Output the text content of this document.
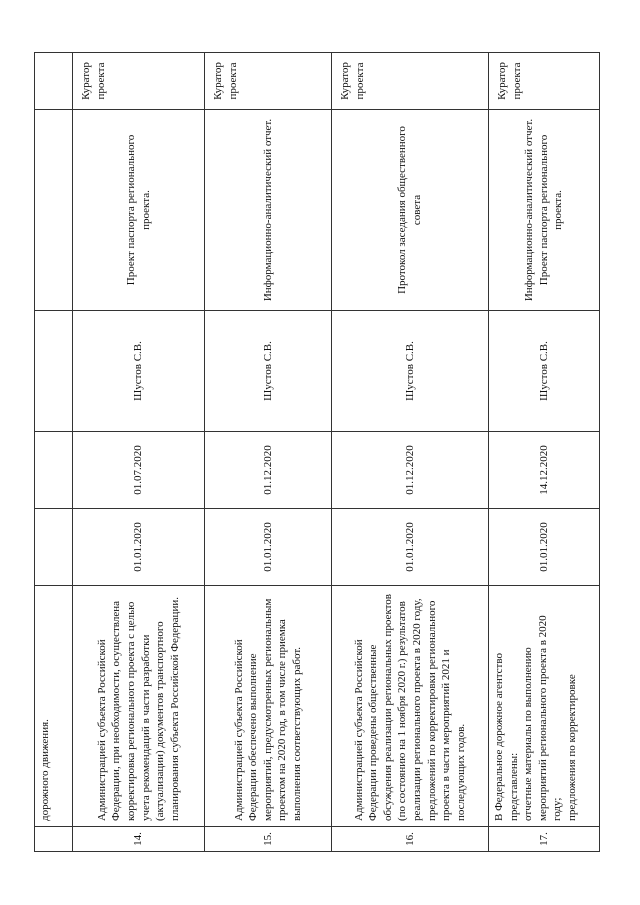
	дорожного движения.					
14.	Администрацией субъекта Российской Федерации, при необходимости, осуществлена корректировка регионального проекта с целью учета рекомендаций в части разработки (актуализации) документов транспортного планирования субъекта Российской Федерации.	01.01.2020	01.07.2020	Шустов С.В.	Проект паспорта регионального проекта.	Куратор проекта
15.	Администрацией субъекта Российской Федерации обеспечено выполнение мероприятий, предусмотренных региональным проектом на 2020 год, в том числе приемка выполнения соответствующих работ.	01.01.2020	01.12.2020	Шустов С.В.	Информационно-аналитический отчет.	Куратор проекта
16.	Администрацией субъекта Российской Федерации проведены общественные обсуждения реализации региональных проектов (по состоянию на 1 ноября 2020 г.) результатов реализации регионального проекта в 2020 году, предложений по корректировки регионального проекта в части мероприятий 2021 и последующих годов.	01.01.2020	01.12.2020	Шустов С.В.	Протокол заседания общественного совета	Куратор проекта
17.	В Федеральное дорожное агентство представлены: отчетные материалы по выполнению мероприятий регионального проекта в 2020 году; предложения по корректировке	01.01.2020	14.12.2020	Шустов С.В.	Информационно-аналитический отчет. Проект паспорта регионального проекта.	Куратор проекта
